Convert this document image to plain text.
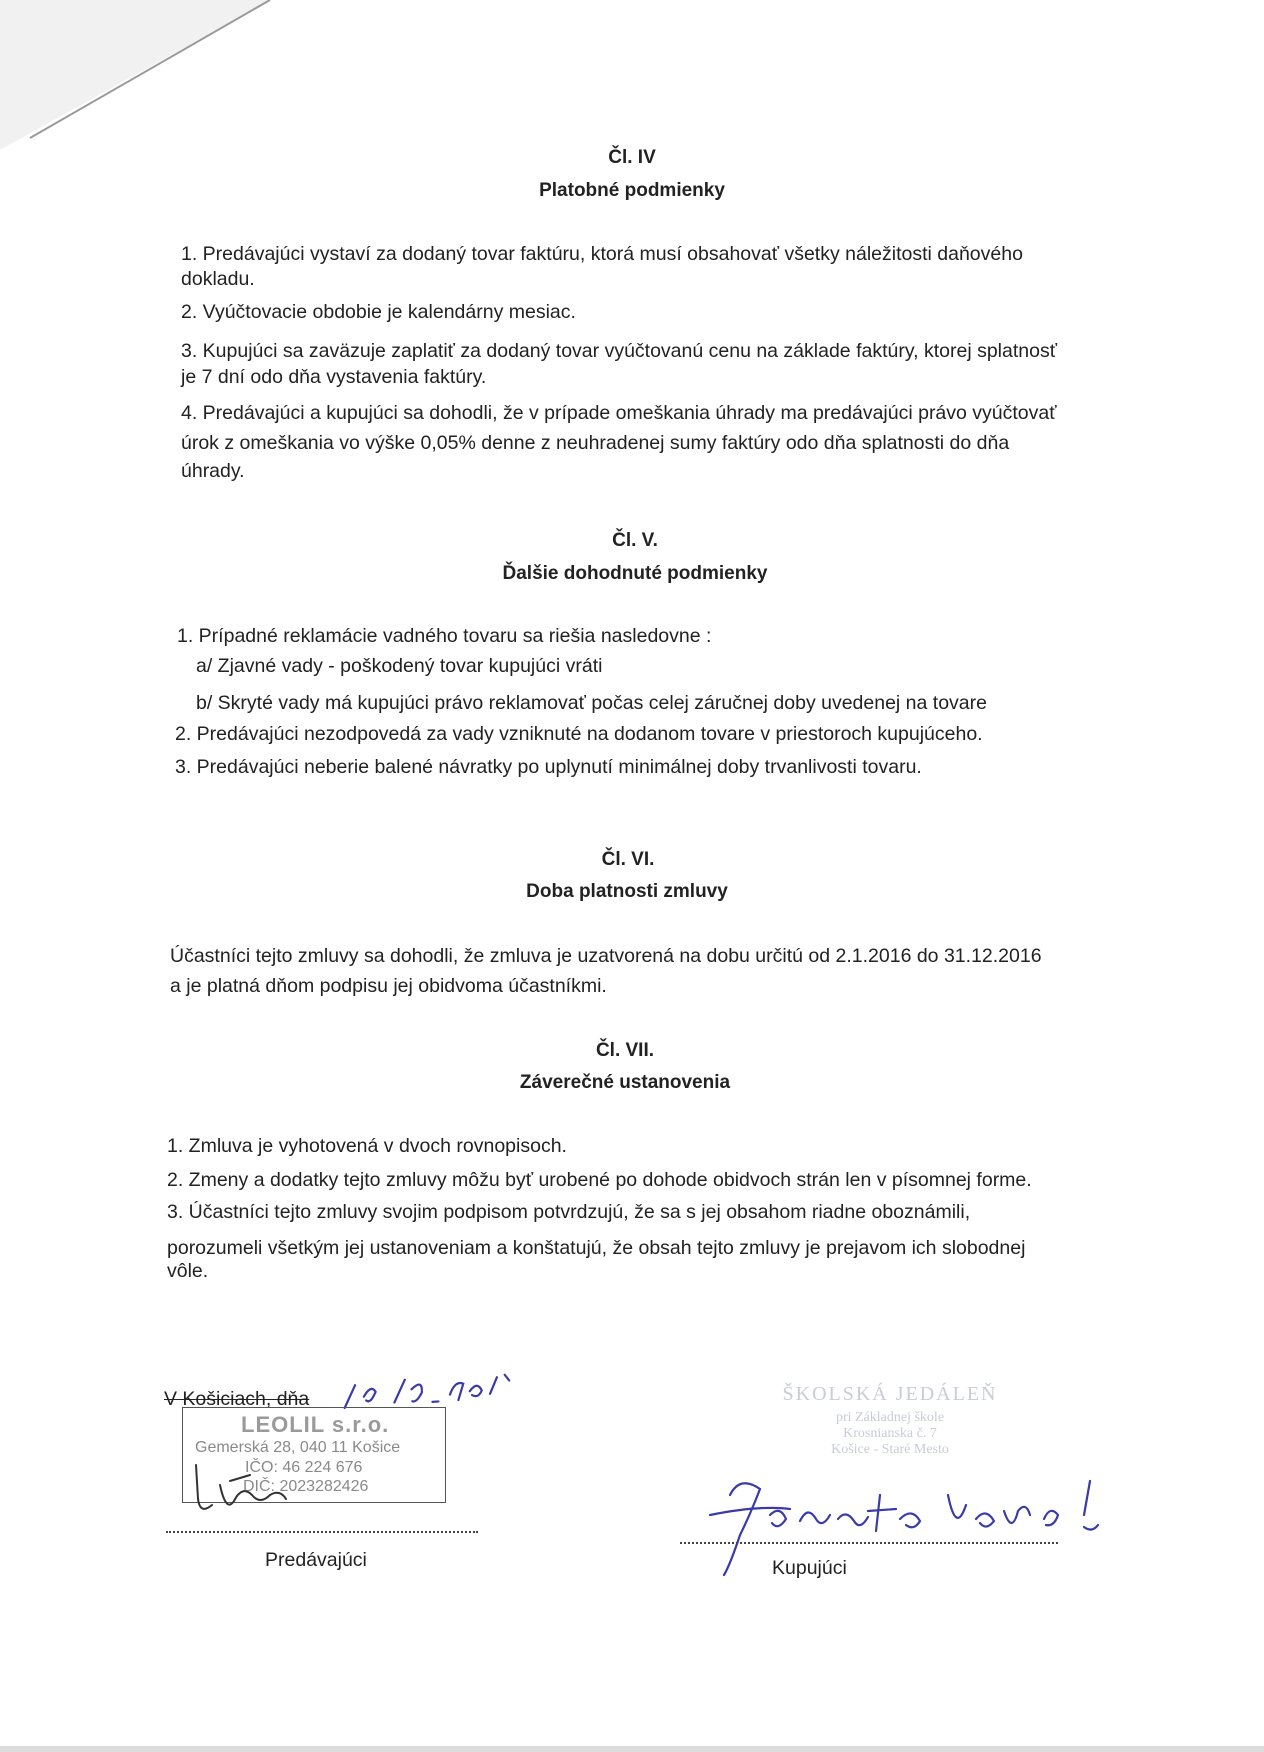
Čl. IV
Platobné podmienky
1. Predávajúci vystaví za dodaný tovar faktúru, ktorá musí obsahovať všetky náležitosti daňového
dokladu.
2. Vyúčtovacie obdobie je kalendárny mesiac.
3. Kupujúci sa zaväzuje zaplatiť za dodaný tovar vyúčtovanú cenu na základe faktúry, ktorej splatnosť
je 7 dní odo dňa vystavenia faktúry.
4. Predávajúci a kupujúci sa dohodli, že v prípade omeškania úhrady ma predávajúci právo vyúčtovať
úrok z omeškania vo výške 0,05% denne z neuhradenej sumy faktúry odo dňa splatnosti do dňa
úhrady.
Čl. V.
Ďalšie dohodnuté podmienky
1. Prípadné reklamácie vadného tovaru sa riešia nasledovne :
a/ Zjavné vady - poškodený tovar kupujúci vráti
b/ Skryté vady má kupujúci právo reklamovať počas celej záručnej doby uvedenej na tovare
2. Predávajúci nezodpovedá za vady vzniknuté na dodanom tovare v priestoroch kupujúceho.
3. Predávajúci neberie balené návratky po uplynutí minimálnej doby trvanlivosti tovaru.
Čl. VI.
Doba platnosti zmluvy
Účastníci tejto zmluvy sa dohodli, že zmluva je uzatvorená na dobu určitú od 2.1.2016 do 31.12.2016
a je platná dňom podpisu jej obidvoma účastníkmi.
Čl. VII.
Záverečné ustanovenia
1. Zmluva je vyhotovená v dvoch rovnopisoch.
2. Zmeny a dodatky tejto zmluvy môžu byť urobené po dohode obidvoch strán len v písomnej forme.
3. Účastníci tejto zmluvy svojim podpisom potvrdzujú, že sa s jej obsahom riadne oboznámili,
porozumeli všetkým jej ustanoveniam a konštatujú, že obsah tejto zmluvy je prejavom ich slobodnej
vôle.
V Košiciach, dňa
LEOLIL s.r.o.
Gemerská 28, 040 11 Košice
IČO: 46 224 676
DIČ: 2023282426
Predávajúci
ŠKOLSKÁ JEDÁLEŇ
pri Základnej škole
Krosnianska č. 7
Košice - Staré Mesto
Kupujúci
